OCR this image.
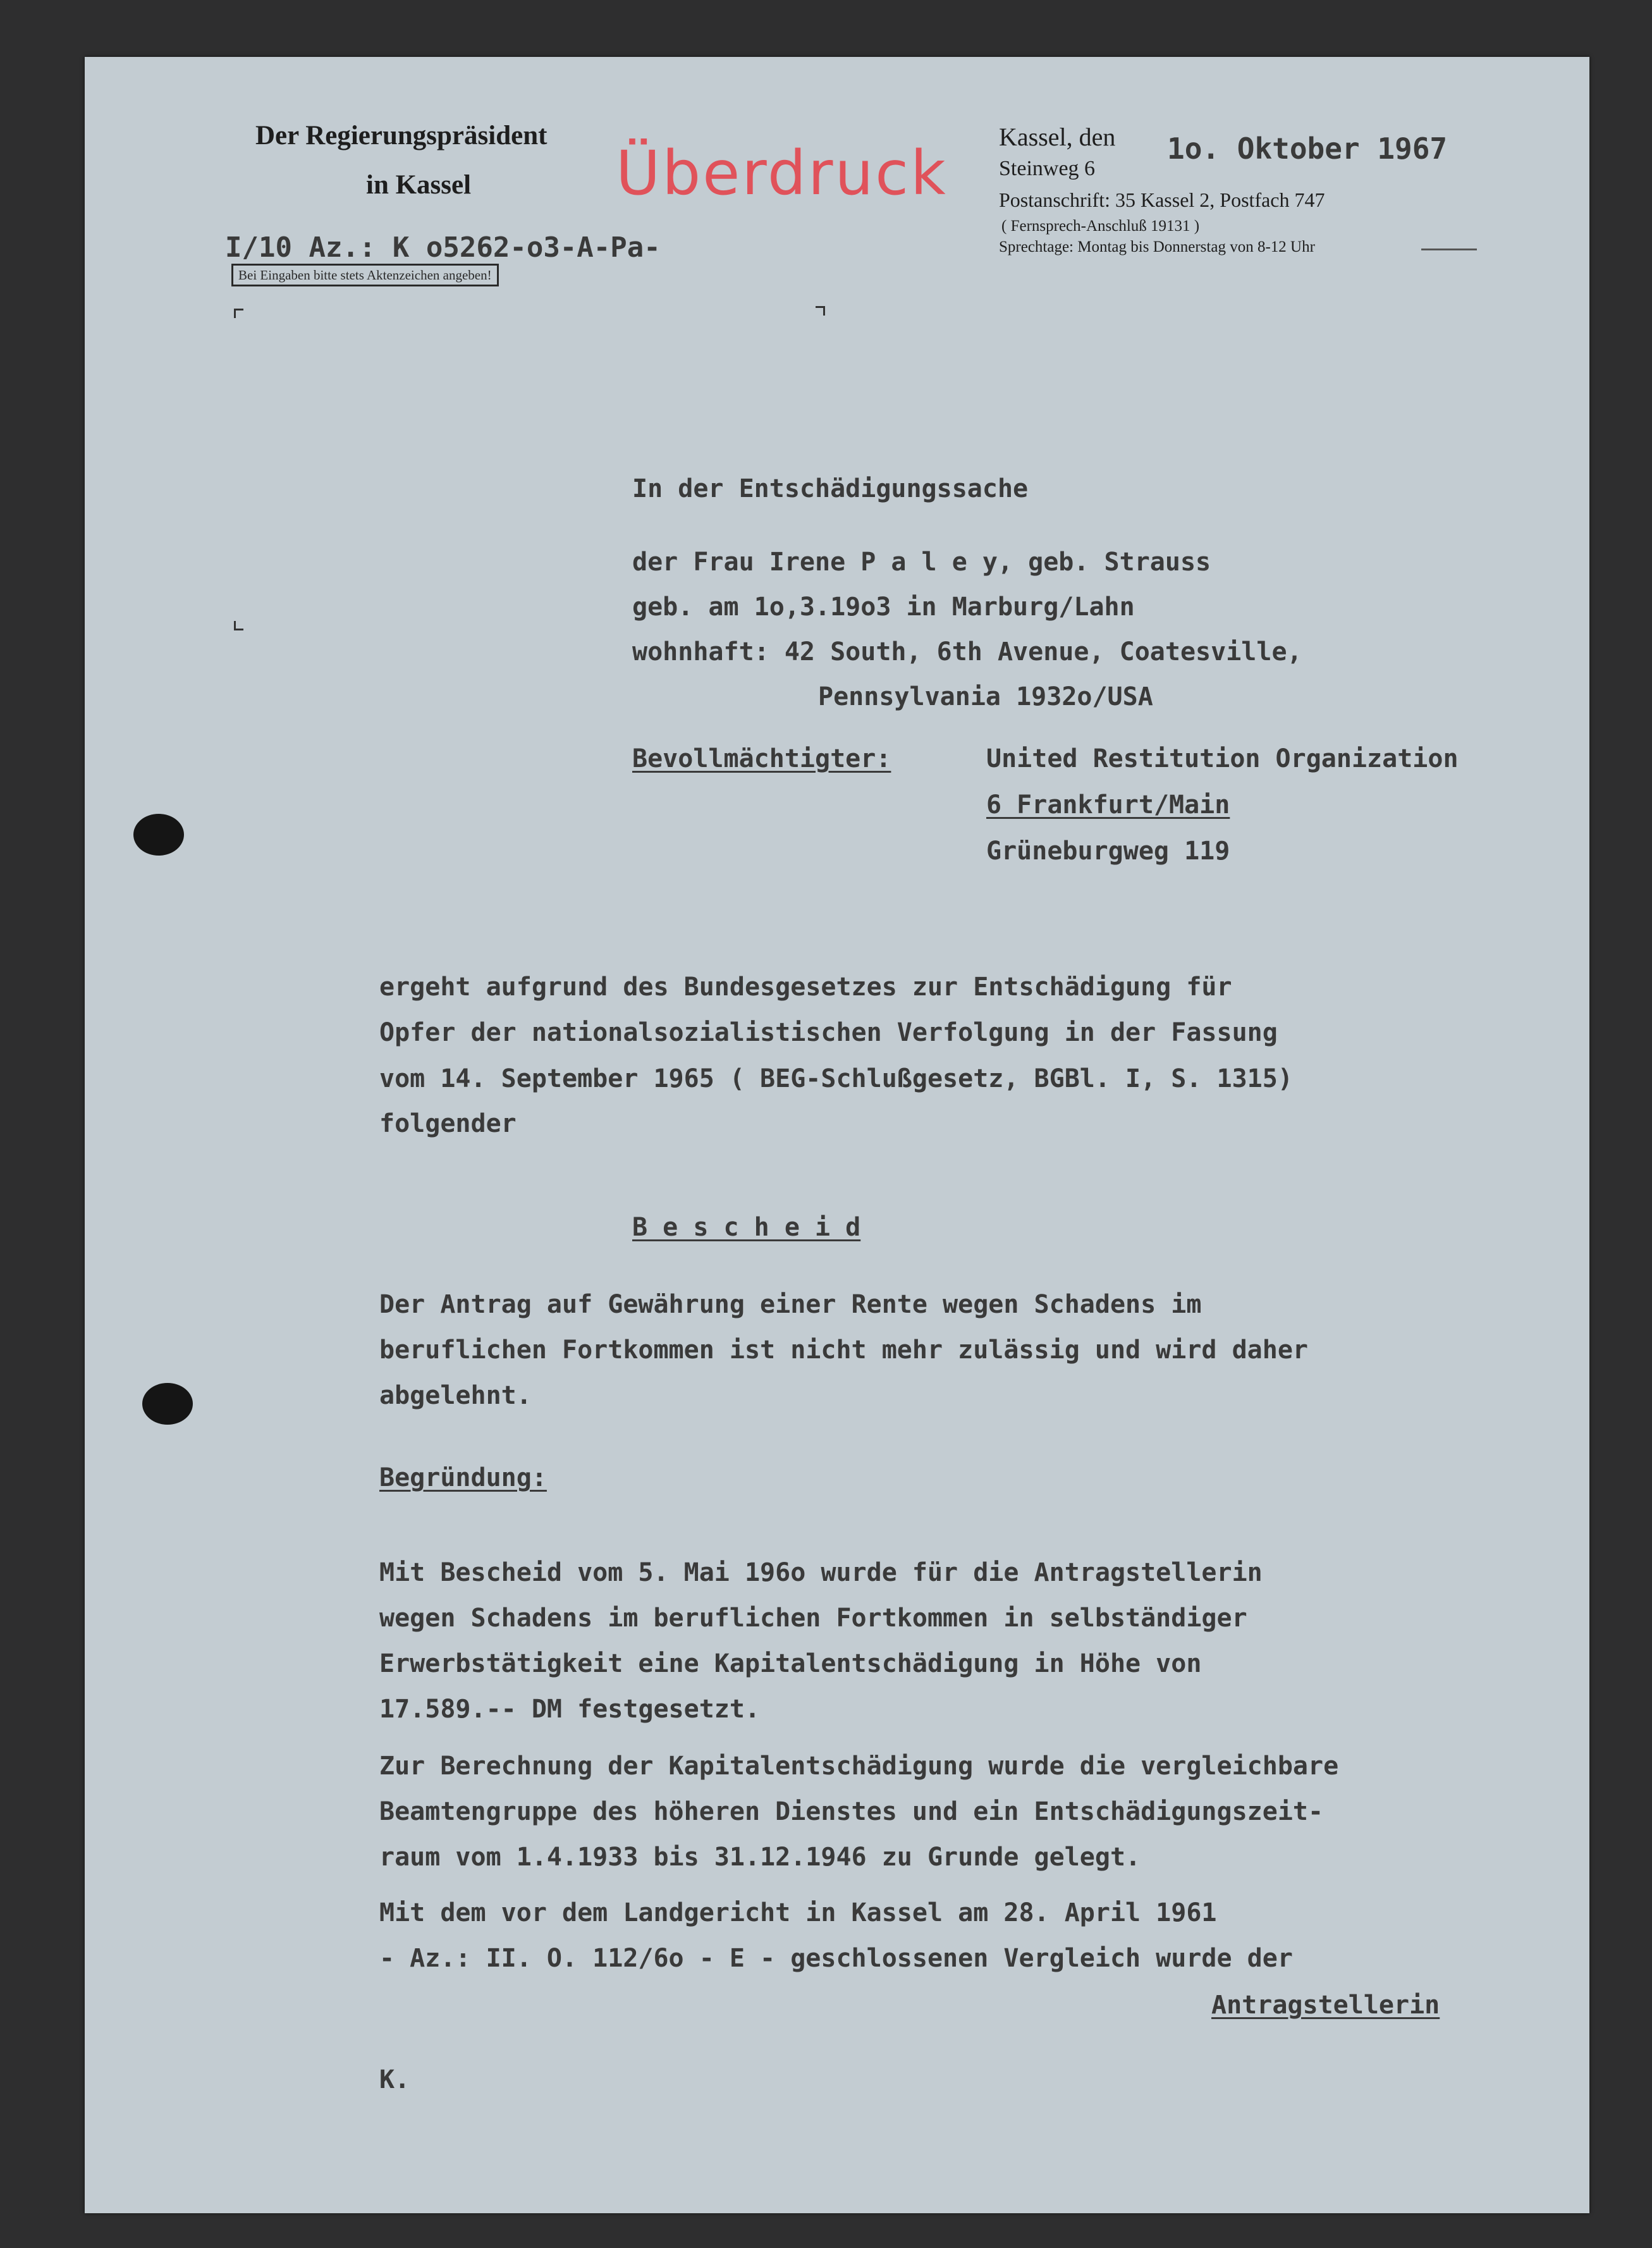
Der Regierungspräsident
in Kassel Überdruck
Kassel, den 1o. Oktober 1967
Steinweg 6
Postanschrift: 35 Kassel 2, Postfach 747
( Fernsprech-Anschluß 19131 )
Sprechtage: Montag bis Donnerstag von 8-12 Uhr
I/10 Az.: K o5262-o3-A-Pa-
Bei Eingaben bitte stets Aktenzeichen angeben!
In der Entschädigungssache
der Frau Irene P a l e y, geb. Strauss
geb. am 1o,3.19o3 in Marburg/Lahn
wohnhaft: 42 South, 6th Avenue, Coatesville,
Pennsylvania 1932o/USA
Bevollmächtigter:	United Restitution Organization
6 Frankfurt/Main
Grüneburgweg 119
ergeht aufgrund des Bundesgesetzes zur Entschädigung für
Opfer der nationalsozialistischen Verfolgung in der Fassung
vom 14. September 1965 ( BEG-Schlußgesetz, BGBl. I, S. 1315)
folgender
B e s c h e i d
Der Antrag auf Gewährung einer Rente wegen Schadens im
beruflichen Fortkommen ist nicht mehr zulässig und wird daher
abgelehnt.
Begründung:
Mit Bescheid vom 5. Mai 196o wurde für die Antragstellerin
wegen Schadens im beruflichen Fortkommen in selbständiger
Erwerbstätigkeit eine Kapitalentschädigung in Höhe von
17.589.-- DM festgesetzt.
Zur Berechnung der Kapitalentschädigung wurde die vergleichbare
Beamtengruppe des höheren Dienstes und ein Entschädigungszeit-
raum vom 1.4.1933 bis 31.12.1946 zu Grunde gelegt.
Mit dem vor dem Landgericht in Kassel am 28. April 1961
- Az.: II. O. 112/6o - E - geschlossenen Vergleich wurde der
Antragstellerin
K.
